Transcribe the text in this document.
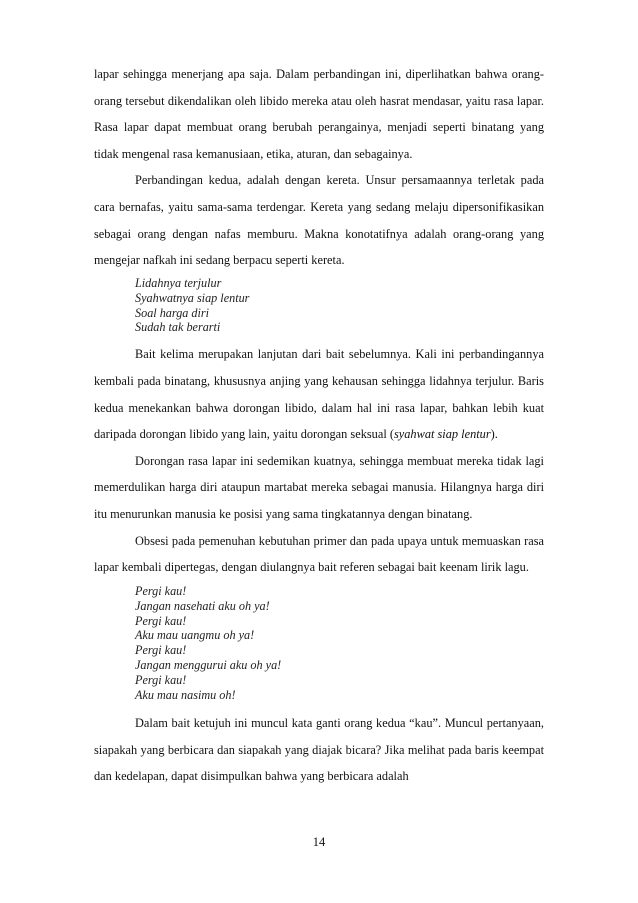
lapar sehingga menerjang apa saja. Dalam perbandingan ini, diperlihatkan bahwa orang-orang tersebut dikendalikan oleh libido mereka atau oleh hasrat mendasar, yaitu rasa lapar. Rasa lapar dapat membuat orang berubah perangainya, menjadi seperti binatang yang tidak mengenal rasa kemanusiaan, etika, aturan, dan sebagainya.

Perbandingan kedua, adalah dengan kereta. Unsur persamaannya terletak pada cara bernafas, yaitu sama-sama terdengar. Kereta yang sedang melaju dipersonifikasikan sebagai orang dengan nafas memburu. Makna konotatifnya adalah orang-orang yang mengejar nafkah ini sedang berpacu seperti kereta.

Lidahnya terjulur
Syahwatnya siap lentur
Soal harga diri
Sudah tak berarti

Bait kelima merupakan lanjutan dari bait sebelumnya. Kali ini perbandingannya kembali pada binatang, khususnya anjing yang kehausan sehingga lidahnya terjulur. Baris kedua menekankan bahwa dorongan libido, dalam hal ini rasa lapar, bahkan lebih kuat daripada dorongan libido yang lain, yaitu dorongan seksual (syahwat siap lentur).

Dorongan rasa lapar ini sedemikan kuatnya, sehingga membuat mereka tidak lagi memerdulikan harga diri ataupun martabat mereka sebagai manusia. Hilangnya harga diri itu menurunkan manusia ke posisi yang sama tingkatannya dengan binatang.

Obsesi pada pemenuhan kebutuhan primer dan pada upaya untuk memuaskan rasa lapar kembali dipertegas, dengan diulangnya bait referen sebagai bait keenam lirik lagu.

Pergi kau!
Jangan nasehati aku oh ya!
Pergi kau!
Aku mau uangmu oh ya!
Pergi kau!
Jangan menggurui aku oh ya!
Pergi kau!
Aku mau nasimu oh!

Dalam bait ketujuh ini muncul kata ganti orang kedua “kau”. Muncul pertanyaan, siapakah yang berbicara dan siapakah yang diajak bicara? Jika melihat pada baris keempat dan kedelapan, dapat disimpulkan bahwa yang berbicara adalah

14
